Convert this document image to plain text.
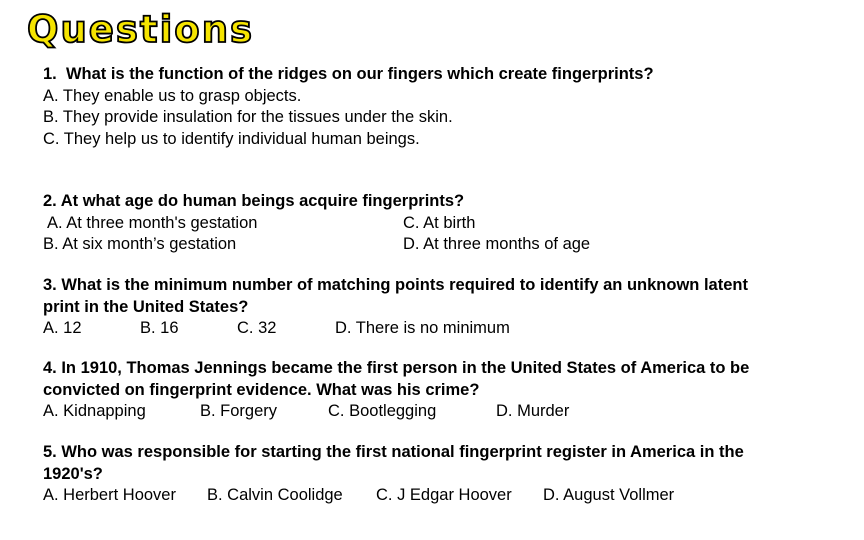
Questions
1. What is the function of the ridges on our fingers which create fingerprints?
A. They enable us to grasp objects.
B. They provide insulation for the tissues under the skin.
C. They help us to identify individual human beings.
2. At what age do human beings acquire fingerprints?
A. At three month's gestation	C. At birth
B. At six month’s gestation	D. At three months of age
3. What is the minimum number of matching points required to identify an unknown latent
print in the United States?
A. 12	B. 16	C. 32	D. There is no minimum
4. In 1910, Thomas Jennings became the first person in the United States of America to be
convicted on fingerprint evidence. What was his crime?
A. Kidnapping	B. Forgery	C. Bootlegging	D. Murder
5. Who was responsible for starting the first national fingerprint register in America in the
1920's?
A. Herbert Hoover B. Calvin Coolidge C. J Edgar Hoover D. August Vollmer
